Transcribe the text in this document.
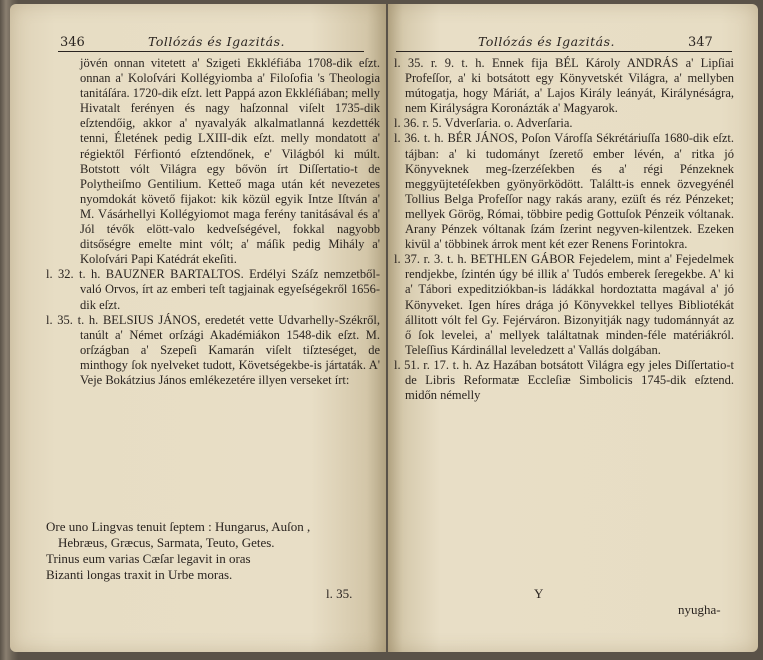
346	Tollózás és Igazitás.

jövén onnan vitetett a' Szigeti Ekkléfiába 1708-dik eſzt. onnan a' Koloſvári Kollégyiomba a' Filoſofia 's Theologia tanitáſára. 1720-dik eſzt. lett Pappá azon Ekkléſiában; melly Hivatalt ferényen és nagy haſzonnal viſelt 1735-dik eſztendőig, akkor a' nyavalyák alkalmatlanná kezdették tenni, Életének pedig LXIII-dik eſzt. melly mondatott a' régiektől Férfiontó eſztendőnek, e' Világból ki múlt. Botstott vólt Világra egy bővön írt Diſſertatio-t de Polytheiſmo Gentilium. Ketteő maga után két nevezetes nyomdokát követő fijakot: kik közül egyik Intze Iſtván a' M. Vásárhellyi Kollégyiomot maga ferény tanitásával és a' Jól tévők elött-valo kedveſségével, fokkal nagyobb ditsőségre emelte mint vólt; a' máſik pedig Mihály a' Koloſvári Papi Katédrát ekeſiti.

l. 32. t. h. BAUZNER BARTALTOS. Erdélyi Száſz nemzetből-való Orvos, írt az emberi teſt tagjainak egyeſségekről 1656-dik eſzt.

l. 35. t. h. BELSIUS JÁNOS, eredetét vette Udvarhelly-Székről, tanúlt a' Német orſzági Akadémiákon 1548-dik eſzt. M. orſzágban a' Szepeſi Kamarán viſelt tiſzteséget, de minthogy ſok nyelveket tudott, Követségekbe-is jártaták. A' Veje Bokátzius János emlékezetére illyen verseket írt:

Ore uno Lingvas tenuit ſeptem : Hungarus, Auſon ,
Hebræus, Græcus, Sarmata, Teuto, Getes.
Trinus eum varias Cæſar legavit in oras
Bizanti longas traxit in Urbe moras.
l. 35.
Tollózás és Igazitás.	347

l. 35. r. 9. t. h. Ennek fija BÉL Károly ANDRÁS a' Lipſiai Profeſſor, a' ki botsátott egy Könyvetskét Világra, a' mellyben mútogatja, hogy Máriát, a' Lajos Király leányát, Királynéságra, nem Királyságra Koronázták a' Magyarok.

l. 36. r. 5. Vdverſaria. o. Adverſaria.

l. 36. t. h. BÉR JÁNOS, Poſon Várofſa Sékrétáriuſſa 1680-dik eſzt. tájban: a' ki tudományt ſzerető ember lévén, a' ritka jó Könyveknek meg-ſzerzéſekben és a' régi Pénzeknek meggyüjtetéſekben gyönyörködött. Találtt-is ennek özvegyénél Tollius Belga Profeſſor nagy rakás arany, ezüſt és réz Pénzeket; mellyek Görög, Római, többire pedig Gottuſok Pénzeik vóltanak. Arany Pénzek vóltanak ſzám ſzerint negyven-kilentzek. Ezeken kivül a' többinek árrok ment két ezer Renens Forintokra.

l. 37. r. 3. t. h. BETHLEN GÁBOR Fejedelem, mint a' Fejedelmek rendjekbe, ſzintén úgy bé illik a' Tudós emberek ſeregekbe. A' ki a' Tábori expeditziókban-is ládákkal hordoztatta magával a' jó Könyveket. Igen híres drága jó Könyvekkel tellyes Bibliotékát állitott vólt fel Gy. Fejérváron. Bizonyitják nagy tudománnyát az ő ſok levelei, a' mellyek találtatnak minden-féle matériákról. Teleſſius Kárdinállal leveledzett a' Vallás dolgában.

l. 51. r. 17. t. h. Az Hazában botsátott Világra egy jeles Diſſertatio-t de Libris Reformatæ Eccleſiæ Simbolicis 1745-dik eſztend. midőn némelly

Y
nyugha-
